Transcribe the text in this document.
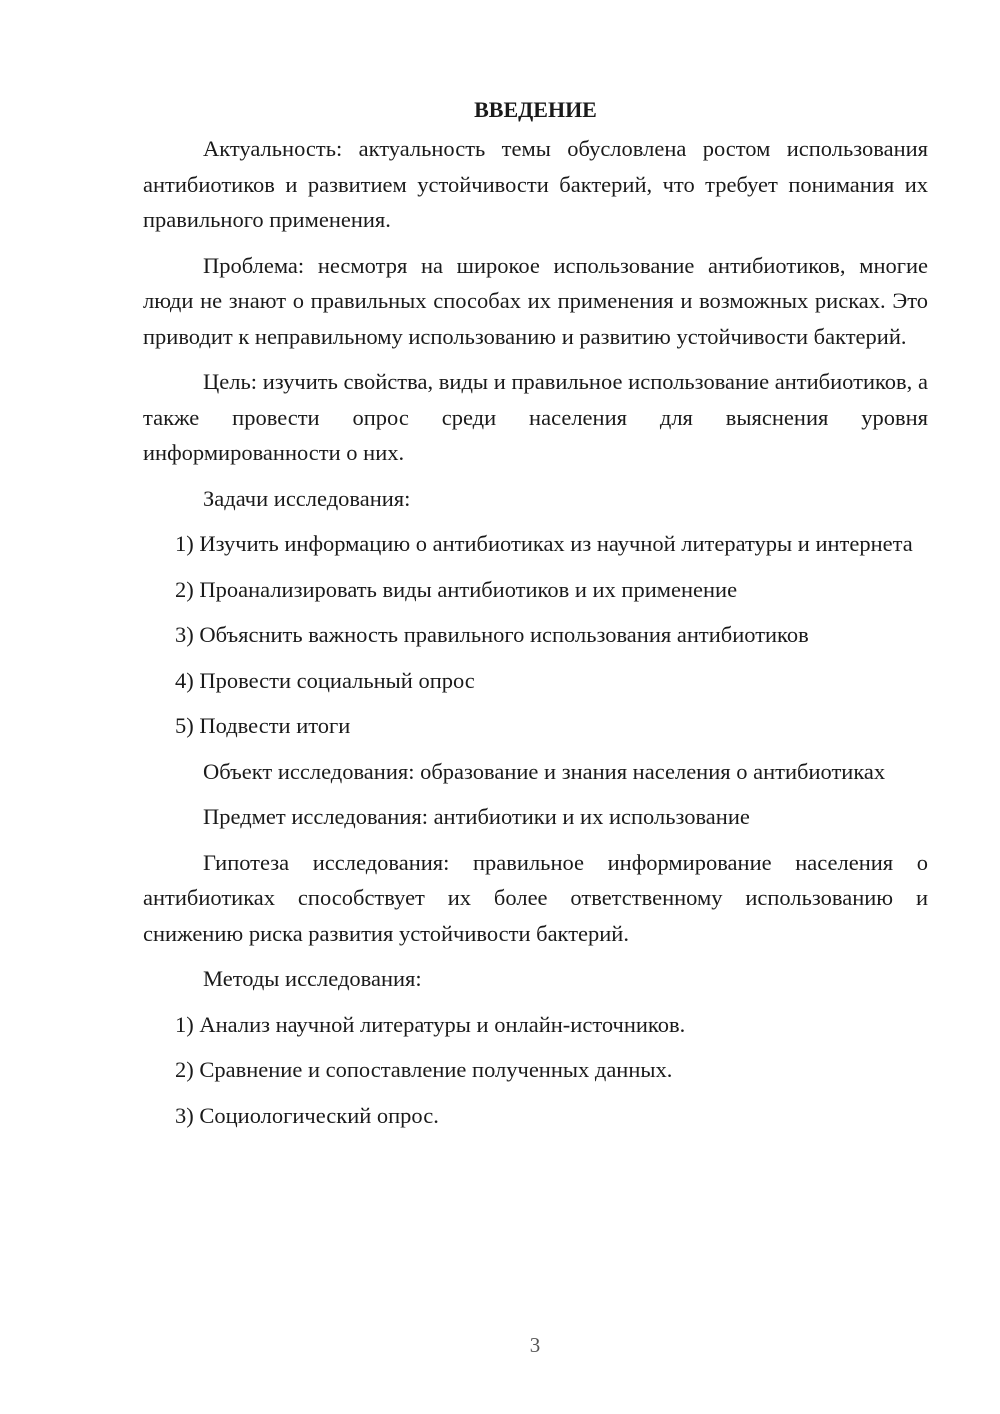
ВВЕДЕНИЕ

Актуальность: актуальность темы обусловлена ростом использования антибиотиков и развитием устойчивости бактерий, что требует понимания их правильного применения.

Проблема: несмотря на широкое использование антибиотиков, многие люди не знают о правильных способах их применения и возможных рисках. Это приводит к неправильному использованию и развитию устойчивости бактерий.

Цель: изучить свойства, виды и правильное использование антибиотиков, а также провести опрос среди населения для выяснения уровня информированности о них.

Задачи исследования:

1) Изучить информацию о антибиотиках из научной литературы и интернета

2) Проанализировать виды антибиотиков и их применение
3) Объяснить важность правильного использования антибиотиков
4) Провести социальный опрос
5) Подвести итоги

Объект исследования: образование и знания населения о антибиотиках

Предмет исследования: антибиотики и их использование

Гипотеза исследования: правильное информирование населения о антибиотиках способствует их более ответственному использованию и снижению риска развития устойчивости бактерий.

Методы исследования:
1) Анализ научной литературы и онлайн-источников.
2) Сравнение и сопоставление полученных данных.
3) Социологический опрос.
3
